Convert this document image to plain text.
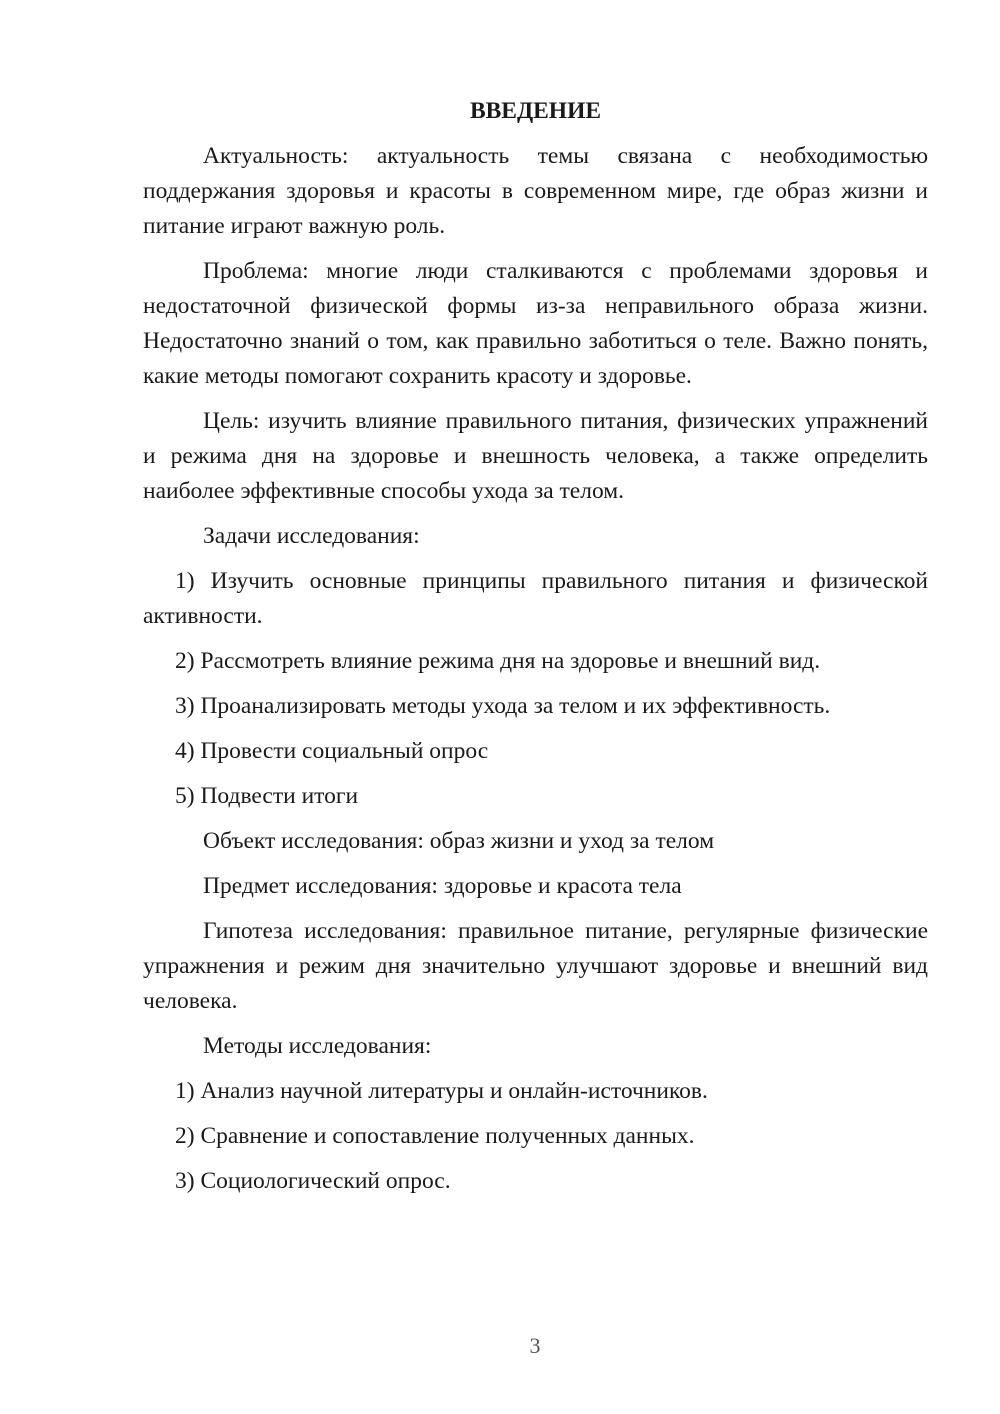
ВВЕДЕНИЕ

Актуальность: актуальность темы связана с необходимостью поддержания здоровья и красоты в современном мире, где образ жизни и питание играют важную роль.

Проблема: многие люди сталкиваются с проблемами здоровья и недостаточной физической формы из-за неправильного образа жизни. Недостаточно знаний о том, как правильно заботиться о теле. Важно понять, какие методы помогают сохранить красоту и здоровье.

Цель: изучить влияние правильного питания, физических упражнений и режима дня на здоровье и внешность человека, а также определить наиболее эффективные способы ухода за телом.

Задачи исследования:

1) Изучить основные принципы правильного питания и физической активности.

2) Рассмотреть влияние режима дня на здоровье и внешний вид.

3) Проанализировать методы ухода за телом и их эффективность.

4) Провести социальный опрос

5) Подвести итоги

Объект исследования: образ жизни и уход за телом

Предмет исследования: здоровье и красота тела

Гипотеза исследования: правильное питание, регулярные физические упражнения и режим дня значительно улучшают здоровье и внешний вид человека.

Методы исследования:

1) Анализ научной литературы и онлайн-источников.

2) Сравнение и сопоставление полученных данных.

3) Социологический опрос.

3
